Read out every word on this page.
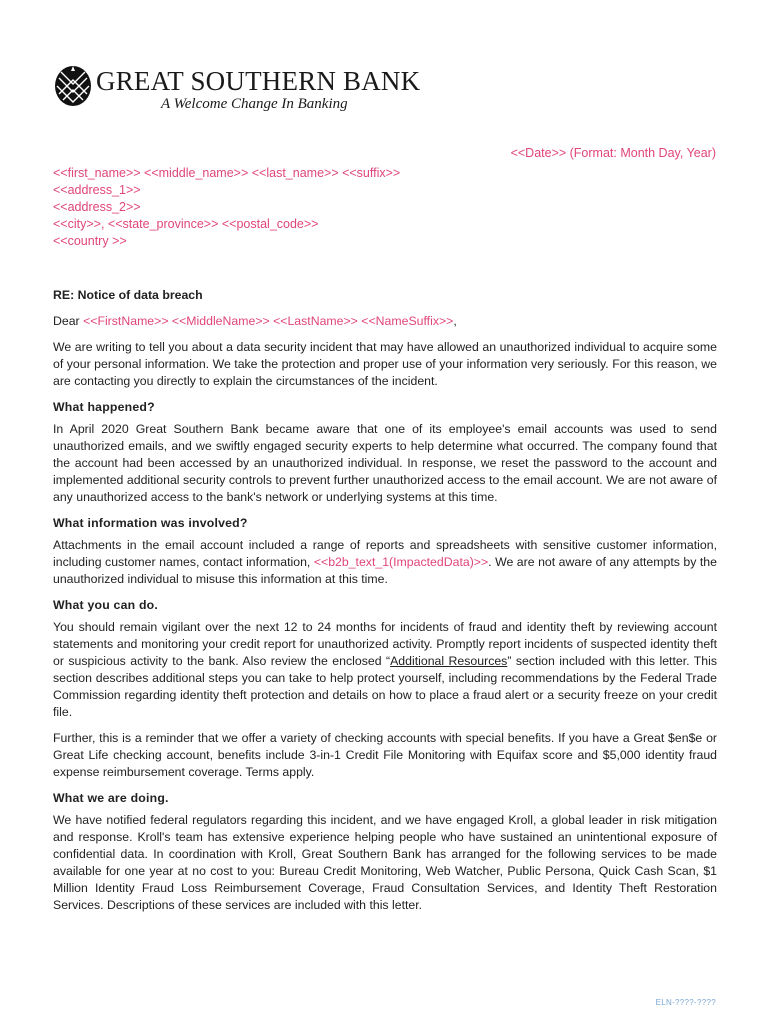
GREAT SOUTHERN BANK
A Welcome Change In Banking
<<Date>> (Format: Month Day, Year)
<<first_name>> <<middle_name>> <<last_name>> <<suffix>>
<<address_1>>
<<address_2>>
<<city>>, <<state_province>> <<postal_code>>
<<country >>

RE: Notice of data breach

Dear <<FirstName>> <<MiddleName>> <<LastName>> <<NameSuffix>>,

We are writing to tell you about a data security incident that may have allowed an unauthorized individual to acquire some of your personal information. We take the protection and proper use of your information very seriously. For this reason, we are contacting you directly to explain the circumstances of the incident.

What happened?

In April 2020 Great Southern Bank became aware that one of its employee's email accounts was used to send unauthorized emails, and we swiftly engaged security experts to help determine what occurred. The company found that the account had been accessed by an unauthorized individual. In response, we reset the password to the account and implemented additional security controls to prevent further unauthorized access to the email account. We are not aware of any unauthorized access to the bank's network or underlying systems at this time.

What information was involved?

Attachments in the email account included a range of reports and spreadsheets with sensitive customer information, including customer names, contact information, <<b2b_text_1(ImpactedData)>>. We are not aware of any attempts by the unauthorized individual to misuse this information at this time.

What you can do.

You should remain vigilant over the next 12 to 24 months for incidents of fraud and identity theft by reviewing account statements and monitoring your credit report for unauthorized activity. Promptly report incidents of suspected identity theft or suspicious activity to the bank. Also review the enclosed “Additional Resources” section included with this letter. This section describes additional steps you can take to help protect yourself, including recommendations by the Federal Trade Commission regarding identity theft protection and details on how to place a fraud alert or a security freeze on your credit file.

Further, this is a reminder that we offer a variety of checking accounts with special benefits. If you have a Great $en$e or Great Life checking account, benefits include 3-in-1 Credit File Monitoring with Equifax score and $5,000 identity fraud expense reimbursement coverage. Terms apply.

What we are doing.

We have notified federal regulators regarding this incident, and we have engaged Kroll, a global leader in risk mitigation and response. Kroll's team has extensive experience helping people who have sustained an unintentional exposure of confidential data. In coordination with Kroll, Great Southern Bank has arranged for the following services to be made available for one year at no cost to you: Bureau Credit Monitoring, Web Watcher, Public Persona, Quick Cash Scan, $1 Million Identity Fraud Loss Reimbursement Coverage, Fraud Consultation Services, and Identity Theft Restoration Services. Descriptions of these services are included with this letter.

ELN-????-????
